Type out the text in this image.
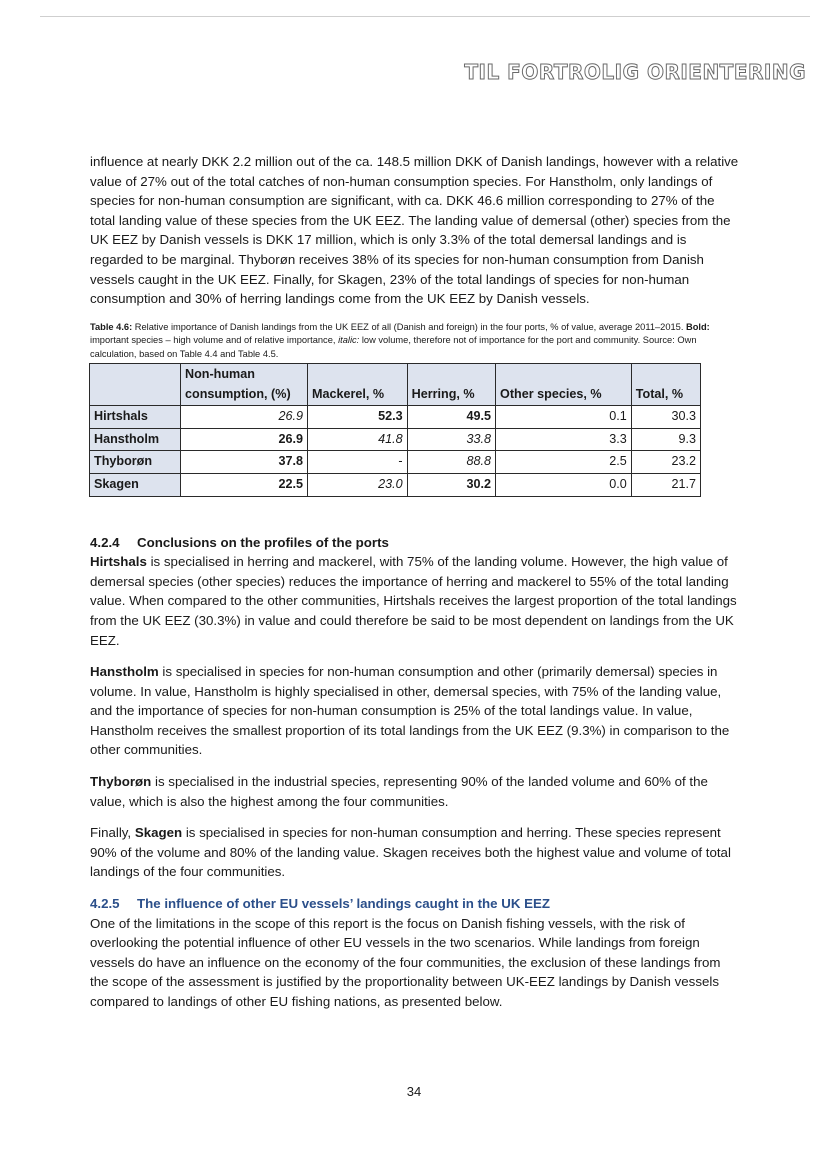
TIL FORTROLIG ORIENTERING

influence at nearly DKK 2.2 million out of the ca. 148.5 million DKK of Danish landings, however with a relative value of 27% out of the total catches of non-human consumption species. For Hanstholm, only landings of species for non-human consumption are significant, with ca. DKK 46.6 million corresponding to 27% of the total landing value of these species from the UK EEZ. The landing value of demersal (other) species from the UK EEZ by Danish vessels is DKK 17 million, which is only 3.3% of the total demersal landings and is regarded to be marginal. Thyborøn receives 38% of its species for non-human consumption from Danish vessels caught in the UK EEZ. Finally, for Skagen, 23% of the total landings of species for non-human consumption and 30% of herring landings come from the UK EEZ by Danish vessels.

Table 4.6: Relative importance of Danish landings from the UK EEZ of all (Danish and foreign) in the four ports, % of value, average 2011–2015. Bold: important species – high volume and of relative importance, italic: low volume, therefore not of importance for the port and community. Source: Own calculation, based on Table 4.4 and Table 4.5.
	Non-human consumption, (%)	Mackerel, %	Herring, %	Other species, %	Total, %
Hirtshals	26.9	52.3	49.5	0.1	30.3
Hanstholm	26.9	41.8	33.8	3.3	9.3
Thyborøn	37.8	-	88.8	2.5	23.2
Skagen	22.5	23.0	30.2	0.0	21.7
4.2.4 Conclusions on the profiles of the ports

Hirtshals is specialised in herring and mackerel, with 75% of the landing volume. However, the high value of demersal species (other species) reduces the importance of herring and mackerel to 55% of the total landing value. When compared to the other communities, Hirtshals receives the largest proportion of the total landings from the UK EEZ (30.3%) in value and could therefore be said to be most dependent on landings from the UK EEZ.

Hanstholm is specialised in species for non-human consumption and other (primarily demersal) species in volume. In value, Hanstholm is highly specialised in other, demersal species, with 75% of the landing value, and the importance of species for non-human consumption is 25% of the total landings value. In value, Hanstholm receives the smallest proportion of its total landings from the UK EEZ (9.3%) in comparison to the other communities.

Thyborøn is specialised in the industrial species, representing 90% of the landed volume and 60% of the value, which is also the highest among the four communities.

Finally, Skagen is specialised in species for non-human consumption and herring. These species represent 90% of the volume and 80% of the landing value. Skagen receives both the highest value and volume of total landings of the four communities.

4.2.5 The influence of other EU vessels’ landings caught in the UK EEZ

One of the limitations in the scope of this report is the focus on Danish fishing vessels, with the risk of overlooking the potential influence of other EU vessels in the two scenarios. While landings from foreign vessels do have an influence on the economy of the four communities, the exclusion of these landings from the scope of the assessment is justified by the proportionality between UK-EEZ landings by Danish vessels compared to landings of other EU fishing nations, as presented below.

34
